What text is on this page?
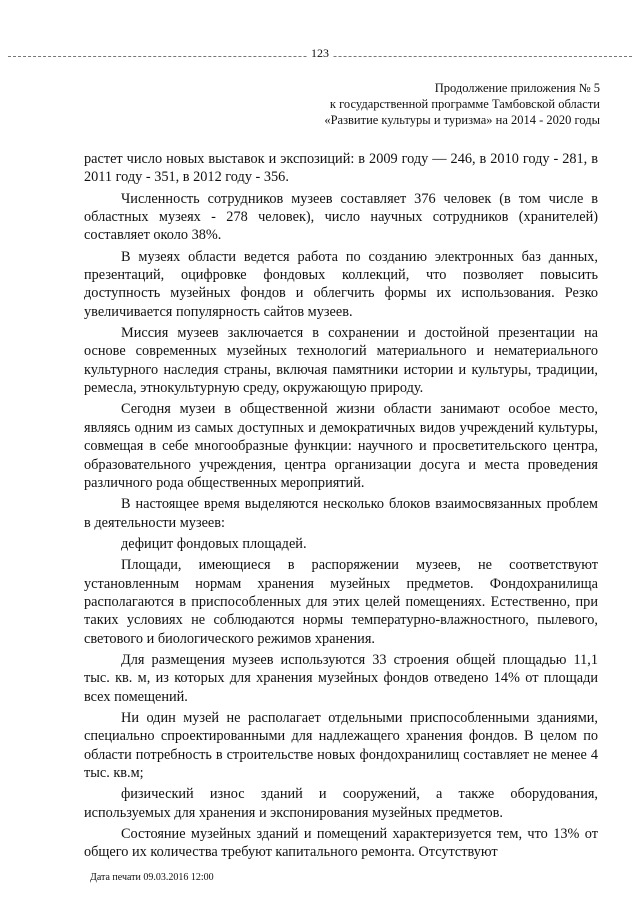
123
Продолжение приложения № 5
к государственной программе Тамбовской области
«Развитие культуры и туризма» на 2014 - 2020 годы

растет число новых выставок и экспозиций: в 2009 году — 246, в 2010 году - 281, в 2011 году - 351, в 2012 году - 356.

Численность сотрудников музеев составляет 376 человек (в том числе в областных музеях - 278 человек), число научных сотрудников (хранителей) составляет около 38%.

В музеях области ведется работа по созданию электронных баз данных, презентаций, оцифровке фондовых коллекций, что позволяет повысить доступность музейных фондов и облегчить формы их использования. Резко увеличивается популярность сайтов музеев.

Миссия музеев заключается в сохранении и достойной презентации на основе современных музейных технологий материального и нематериального культурного наследия страны, включая памятники истории и культуры, традиции, ремесла, этнокультурную среду, окружающую природу.

Сегодня музеи в общественной жизни области занимают особое место, являясь одним из самых доступных и демократичных видов учреждений культуры, совмещая в себе многообразные функции: научного и просветительского центра, образовательного учреждения, центра организации досуга и места проведения различного рода общественных мероприятий.

В настоящее время выделяются несколько блоков взаимосвязанных проблем в деятельности музеев:

дефицит фондовых площадей.

Площади, имеющиеся в распоряжении музеев, не соответствуют установленным нормам хранения музейных предметов. Фондохранилища располагаются в приспособленных для этих целей помещениях. Естественно, при таких условиях не соблюдаются нормы температурно-влажностного, пылевого, светового и биологического режимов хранения.

Для размещения музеев используются 33 строения общей площадью 11,1 тыс. кв. м, из которых для хранения музейных фондов отведено 14% от площади всех помещений.

Ни один музей не располагает отдельными приспособленными зданиями, специально спроектированными для надлежащего хранения фондов. В целом по области потребность в строительстве новых фондохранилищ составляет не менее 4 тыс. кв.м;

физический износ зданий и сооружений, а также оборудования, используемых для хранения и экспонирования музейных предметов.

Состояние музейных зданий и помещений характеризуется тем, что 13% от общего их количества требуют капитального ремонта. Отсутствуют

Дата печати 09.03.2016 12:00
